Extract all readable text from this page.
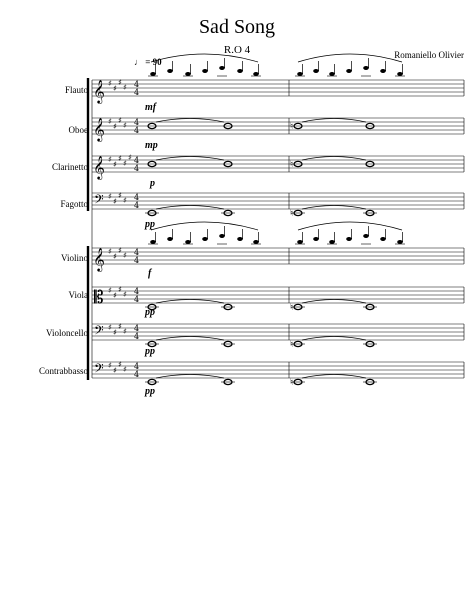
Sad Song
R.O 4	Romaniello Olivier
♩ = 90
Flauto
Oboe
Clarinetto
Fagotto
Violino
Viola
Violoncello
Contrabbasso
mf
mp
p
pp
f
pp
pp
pp
𝄞 ♯
♯
♯
♯ 4
4
𝄞 ♯
♯
♯
♯ 4
4	♮
𝄞 ♯
♯
♯
♯
♯ 4
4	♮
𝄢 ♯
♯
♯
♯ 4
4
♮
𝄞 ♯
♯
♯
♯ 4
4
𝄡 ♯
♯
♯
♯ 4
4
♮
𝄢 ♯
♯
♯
♯ 4
4
♮
𝄢 ♯
♯
♯
♯ 4
4
♮
